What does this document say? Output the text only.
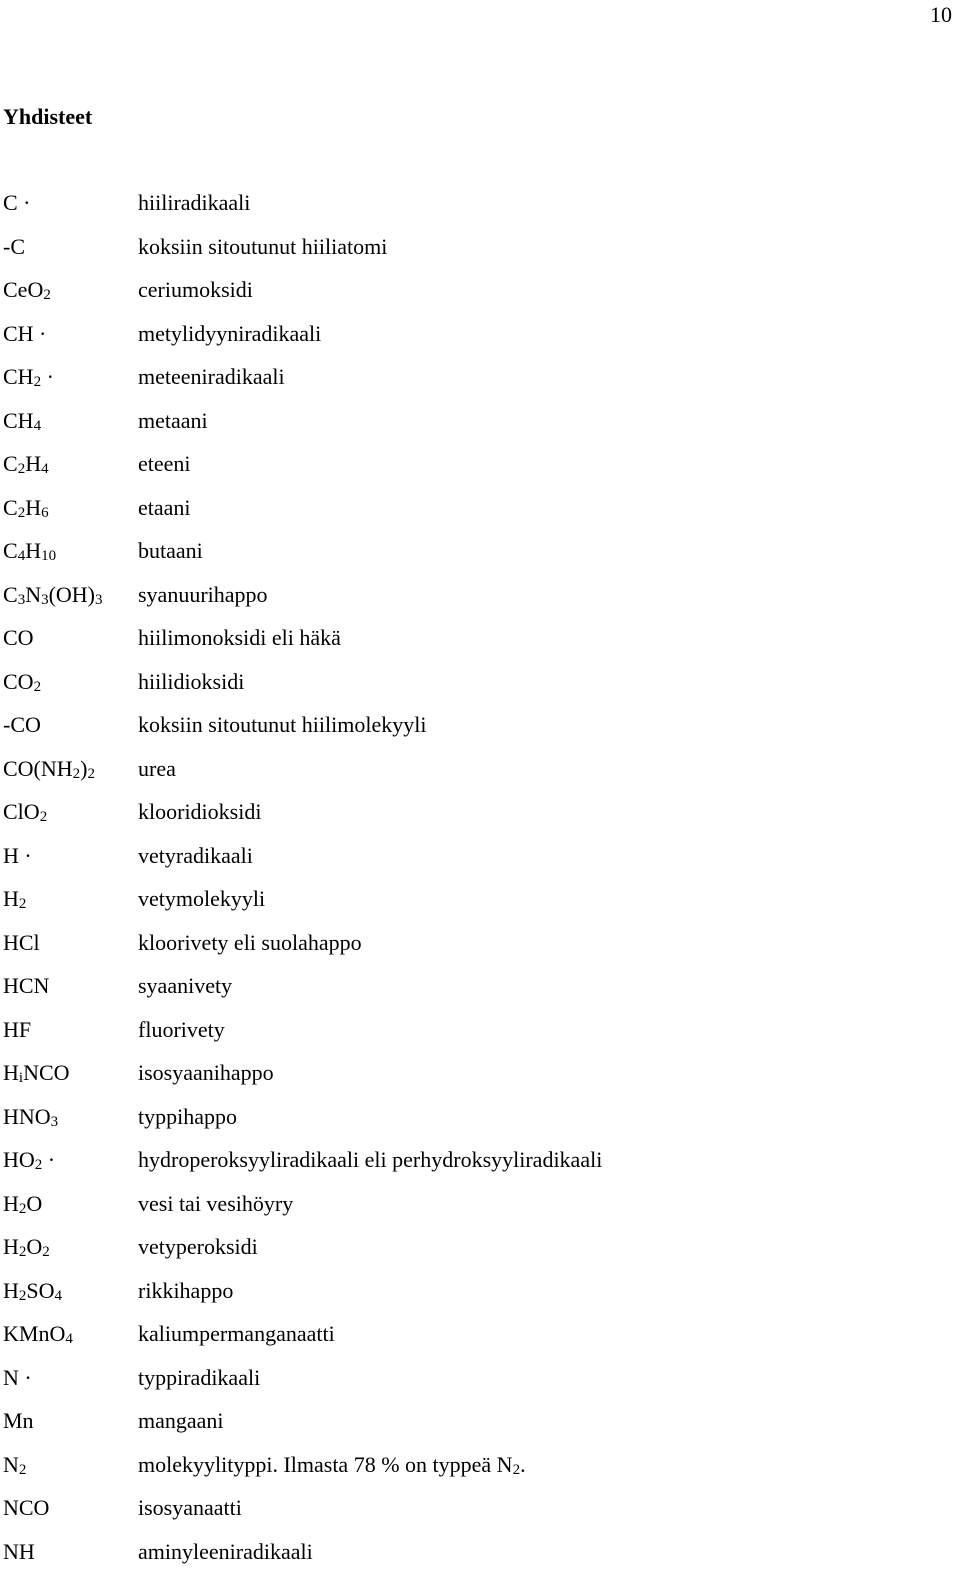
10
Yhdisteet
C ·	hiiliradikaali
-C	koksiin sitoutunut hiiliatomi
CeO$_2$	ceriumoksidi
CH ·	metylidyyniradikaali
$CH_2$ ·	meteeniradikaali
$CH_4$	metaani
$C_2H_4$	eteeni
$C_2H_6$	etaani
$C_4H_{10}$	butaani
$C_3N_3(OH)_3$	syanuurihappo
CO	hiilimonoksidi eli häkä
$CO_2$	hiilidioksidi
-CO	koksiin sitoutunut hiilimolekyyli
$CO(NH_2)_2$	urea
ClO$_2$	klooridioksidi
H ·	vetyradikaali
$H_2$	vetymolekyyli
HCl	kloorivety eli suolahappo
HCN	syaanivety
HF	fluorivety
$H_iNCO$	isosyaanihappo
$HNO_3$	typpihappo
$HO_2$ ·	hydroperoksyyliradikaali eli perhydroksyyliradikaali
$H_2O$	vesi tai vesihöyry
$H_2O_2$	vetyperoksidi
$H_2SO_4$	rikkihappo
KMnO$_4$	kaliumpermanganaatti
N ·	typpiradikaali
Mn	mangaani
$N_2$	molekyylityppi. Ilmasta 78 % on typpeä $N_2$.
NCO	isosyanaatti
NH	aminyleeniradikaali
